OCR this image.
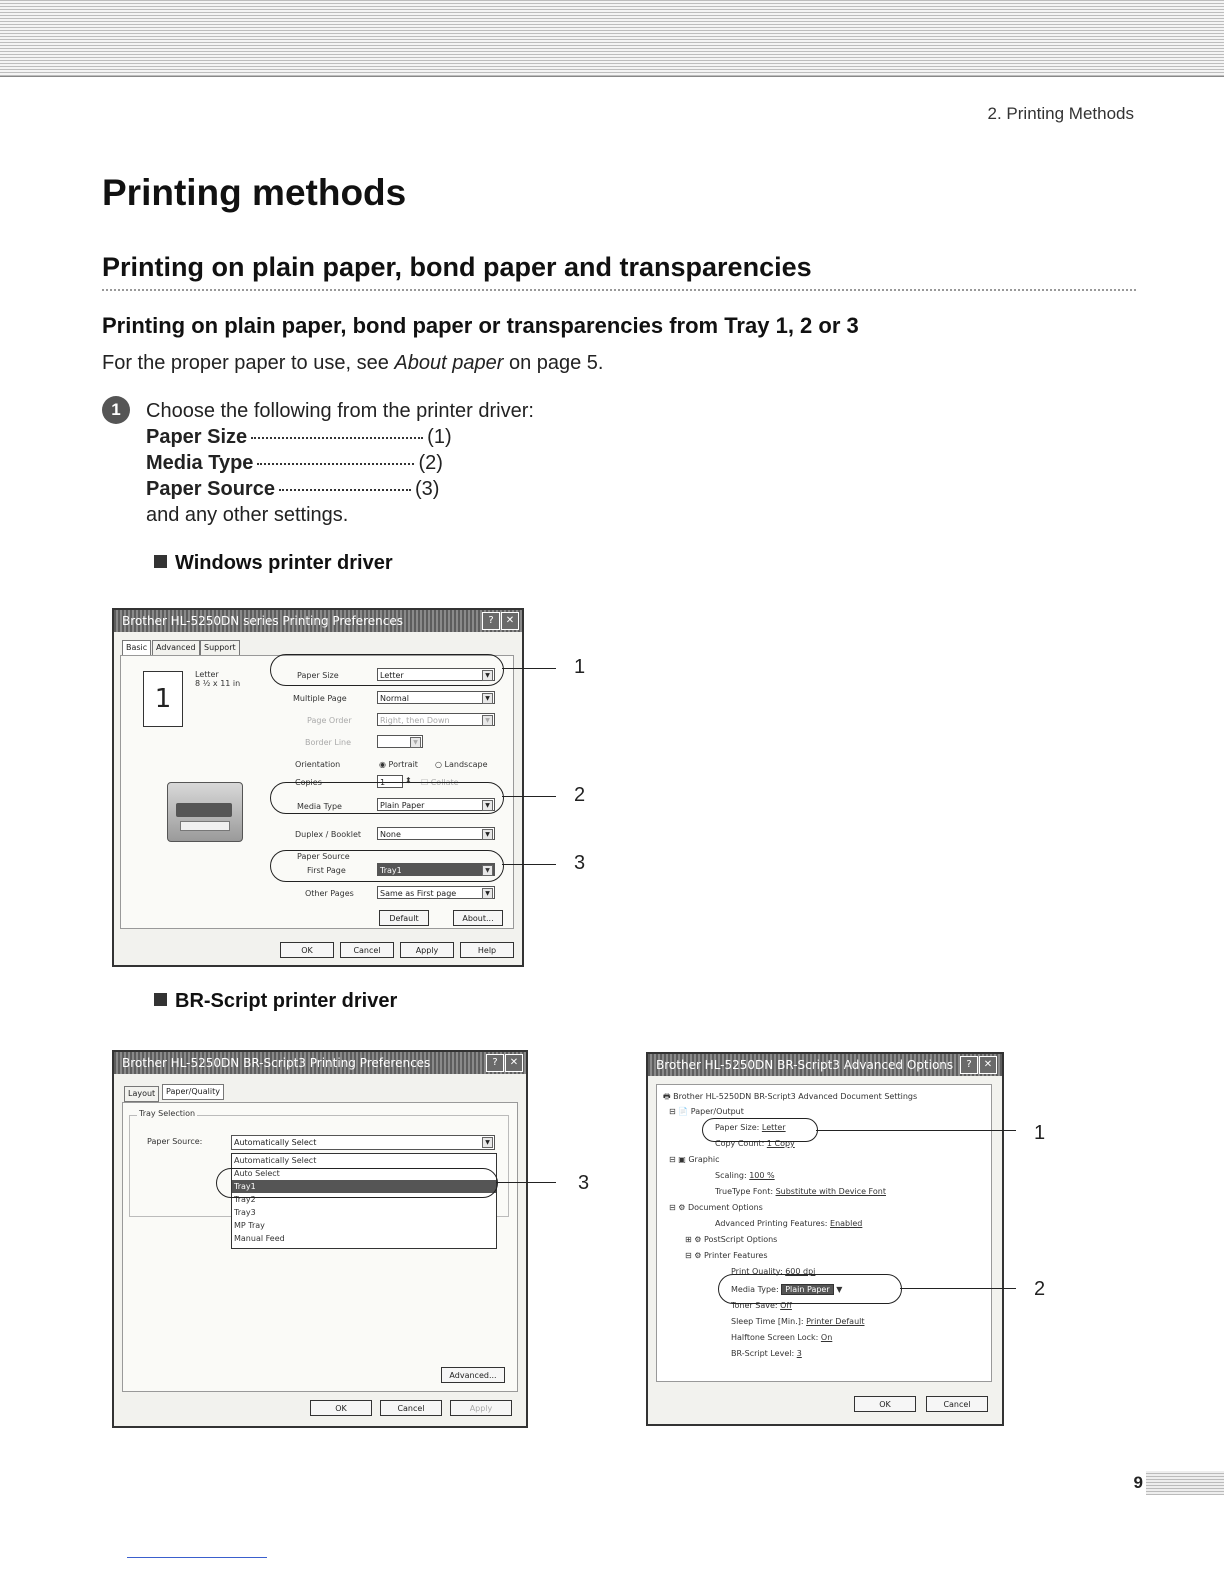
2. Printing Methods
Printing methods
Printing on plain paper, bond paper and transparencies
Printing on plain paper, bond paper or transparencies from Tray 1, 2 or 3
For the proper paper to use, see About paper on page 5.
1	Choose the following from the printer driver:
Paper Size	(1)
Media Type	(2)
Paper Source	(3)
and any other settings.
Windows printer driver
Brother HL-5250DN series Printing Preferences	?	✕
Basic	Advanced	Support
1
Letter
8 ½ x 11 in
Paper Size	Letter	▼
Multiple Page	Normal	▼
Page Order	Right, then Down	▼
Border Line	▼
Orientation	◉ Portrait ○ Landscape
Copies	1	⬍ ☐ Collate
Media Type	Plain Paper	▼
Duplex / Booklet	None	▼
Paper Source
First Page	Tray1	▼
Other Pages	Same as First page	▼
Default	About...
OK	Cancel	Apply	Help
1
2
3
BR-Script printer driver
Brother HL-5250DN BR-Script3 Printing Preferences	?	✕
Layout	Paper/Quality
Tray Selection
Paper Source:	Automatically Select	▼
Automatically Select
Auto Select
Tray1
Tray2
Tray3
MP Tray
Manual Feed
Advanced...
OK	Cancel	Apply
3
Brother HL-5250DN BR-Script3 Advanced Options	?	✕
🖶 Brother HL-5250DN BR-Script3 Advanced Document Settings
⊟ 📄 Paper/Output
Paper Size: Letter
Copy Count: 1 Copy
⊟ ▣ Graphic
Scaling: 100 %
TrueType Font: Substitute with Device Font
⊟ ⚙ Document Options
Advanced Printing Features: Enabled
⊞ ⚙ PostScript Options
⊟ ⚙ Printer Features
Print Quality: 600 dpi
Media Type: Plain Paper ▼
Toner Save: Off
Sleep Time [Min.]: Printer Default
Halftone Screen Lock: On
BR-Script Level: 3
OK	Cancel
1
2
9
